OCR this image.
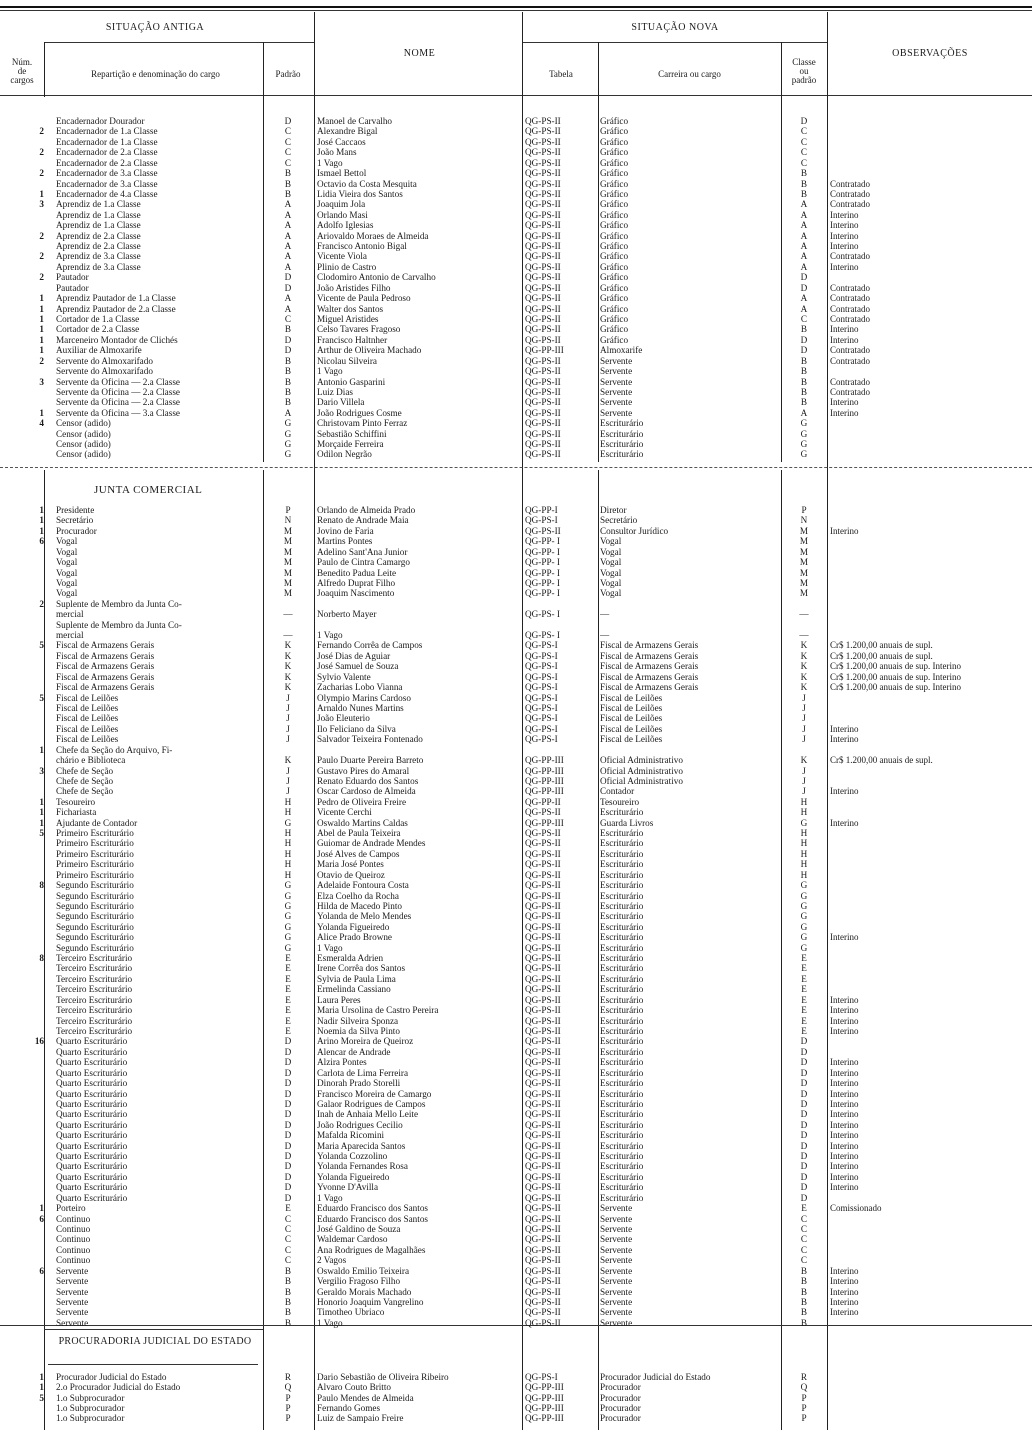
SITUAÇÃO ANTIGA	SITUAÇÃO NOVA
NOME	OBSERVAÇÕES
Núm.
de
cargos
Repartição e denominação do cargo	Padrão	Tabela	Carreira ou cargo
Classe
ou
padrão
JUNTA COMERCIAL
PROCURADORIA JUDICIAL DO ESTADO
Encadernador Dourador	D	Manoel de Carvalho	QG-PS-II	Gráfico	D
2 Encadernador de 1.a Classe	C	Alexandre Bigal	QG-PS-II	Gráfico	C
Encadernador de 1.a Classe	C	José Caccaos	QG-PS-II	Gráfico	C
2 Encadernador de 2.a Classe	C	João Mans	QG-PS-II	Gráfico	C
Encadernador de 2.a Classe	C	1 Vago	QG-PS-II	Gráfico	C
2 Encadernador de 3.a Classe	B	Ismael Bettol	QG-PS-II	Gráfico	B
Encadernador de 3.a Classe	B	Octavio da Costa Mesquita	QG-PS-II	Gráfico	B	Contratado
1 Encadernador de 4.a Classe	B	Lidia Vieira dos Santos	QG-PS-II	Gráfico	B	Contratado
3 Aprendiz de 1.a Classe	A	Joaquim Jola	QG-PS-II	Gráfico	A	Contratado
Aprendiz de 1.a Classe	A	Orlando Masi	QG-PS-II	Gráfico	A	Interino
Aprendiz de 1.a Classe	A	Adolfo Iglesias	QG-PS-II	Gráfico	A	Interino
2 Aprendiz de 2.a Classe	A	Ariovaldo Moraes de Almeida	QG-PS-II	Gráfico	A	Interino
Aprendiz de 2.a Classe	A	Francisco Antonio Bigal	QG-PS-II	Gráfico	A	Interino
2 Aprendiz de 3.a Classe	A	Vicente Viola	QG-PS-II	Gráfico	A	Contratado
Aprendiz de 3.a Classe	A	Plinio de Castro	QG-PS-II	Gráfico	A	Interino
2 Pautador	D	Clodomiro Antonio de Carvalho	QG-PS-II	Gráfico	D
Pautador	D	João Aristides Filho	QG-PS-II	Gráfico	D	Contratado
1 Aprendiz Pautador de 1.a Classe	A	Vicente de Paula Pedroso	QG-PS-II	Gráfico	A	Contratado
1 Aprendiz Pautador de 2.a Classe	A	Walter dos Santos	QG-PS-II	Gráfico	A	Contratado
1 Cortador de 1.a Classe	C	Miguel Aristides	QG-PS-II	Gráfico	C	Contratado
1 Cortador de 2.a Classe	B	Celso Tavares Fragoso	QG-PS-II	Gráfico	B	Interino
1 Marceneiro Montador de Clichés	D	Francisco Haltnher	QG-PS-II	Gráfico	D	Interino
1 Auxiliar de Almoxarife	D	Arthur de Oliveira Machado	QG-PP-III	Almoxarife	D	Contratado
2 Servente do Almoxarifado	B	Nicolau Silveira	QG-PS-II	Servente	B	Contratado
Servente do Almoxarifado	B	1 Vago	QG-PS-II	Servente	B
3 Servente da Oficina — 2.a Classe	B	Antonio Gasparini	QG-PS-II	Servente	B	Contratado
Servente da Oficina — 2.a Classe	B	Luiz Dias	QG-PS-II	Servente	B	Contratado
Servente da Oficina — 2.a Classe	B	Dario Villela	QG-PS-II	Servente	B	Interino
1 Servente da Oficina — 3.a Classe	A	João Rodrigues Cosme	QG-PS-II	Servente	A	Interino
4 Censor (adido)	G	Christovam Pinto Ferraz	QG-PS-II	Escriturário	G
Censor (adido)	G	Sebastião Schiffini	QG-PS-II	Escriturário	G
Censor (adido)	G	Morçaide Ferreira	QG-PS-II	Escriturário	G
Censor (adido)	G	Odilon Negrão	QG-PS-II	Escriturário	G
1 Presidente	P	Orlando de Almeida Prado	QG-PP-I	Diretor	P
1 Secretário	N	Renato de Andrade Maia	QG-PS-I	Secretário	N
1 Procurador	M	Jovino de Faria	QG-PS-II	Consultor Jurídico	M	Interino
6 Vogal	M	Martins Pontes	QG-PP- I	Vogal	M
Vogal	M	Adelino Sant'Ana Junior	QG-PP- I	Vogal	M
Vogal	M	Paulo de Cintra Camargo	QG-PP- I	Vogal	M
Vogal	M	Benedito Padua Leite	QG-PP- I	Vogal	M
Vogal	M	Alfredo Duprat Filho	QG-PP- I	Vogal	M
Vogal	M	Joaquim Nascimento	QG-PP- I	Vogal	M
2 Suplente de Membro da Junta Co-
mercial	—	Norberto Mayer	QG-PS- I	—	—
Suplente de Membro da Junta Co-
mercial	—	1 Vago	QG-PS- I	—	—
5 Fiscal de Armazens Gerais	K	Fernando Corrêa de Campos	QG-PS-I	Fiscal de Armazens Gerais	K	Cr$ 1.200,00 anuais de supl.
Fiscal de Armazens Gerais	K	José Dias de Aguiar	QG-PS-I	Fiscal de Armazens Gerais	K	Cr$ 1.200,00 anuais de supl.
Fiscal de Armazens Gerais	K	José Samuel de Souza	QG-PS-I	Fiscal de Armazens Gerais	K	Cr$ 1.200,00 anuais de sup. Interino
Fiscal de Armazens Gerais	K	Sylvio Valente	QG-PS-I	Fiscal de Armazens Gerais	K	Cr$ 1.200,00 anuais de sup. Interino
Fiscal de Armazens Gerais	K	Zacharias Lobo Vianna	QG-PS-I	Fiscal de Armazens Gerais	K	Cr$ 1.200,00 anuais de sup. Interino
5 Fiscal de Leilões	J	Olympio Marins Cardoso	QG-PS-I	Fiscal de Leilões	J
Fiscal de Leilões	J	Arnaldo Nunes Martins	QG-PS-I	Fiscal de Leilões	J
Fiscal de Leilões	J	João Eleuterio	QG-PS-I	Fiscal de Leilões	J
Fiscal de Leilões	J	Ilo Feliciano da Silva	QG-PS-I	Fiscal de Leilões	J	Interino
Fiscal de Leilões	J	Salvador Teixeira Fontenado	QG-PS-I	Fiscal de Leilões	J	Interino
1 Chefe da Seção do Arquivo, Fi-
chário e Biblioteca	K	Paulo Duarte Pereira Barreto	QG-PP-III	Oficial Administrativo	K	Cr$ 1.200,00 anuais de supl.
3 Chefe de Seção	J	Gustavo Pires do Amaral	QG-PP-III	Oficial Administrativo	J
Chefe de Seção	J	Renato Eduardo dos Santos	QG-PP-III	Oficial Administrativo	J
Chefe de Seção	J	Oscar Cardoso de Almeida	QG-PP-III	Contador	J	Interino
1 Tesoureiro	H	Pedro de Oliveira Freire	QG-PP-II	Tesoureiro	H
1 Fichariasta	H	Vicente Cerchi	QG-PS-II	Escriturário	H
1 Ajudante de Contador	G	Oswaldo Martins Caldas	QG-PP-III	Guarda Livros	G	Interino
5 Primeiro Escriturário	H	Abel de Paula Teixeira	QG-PS-II	Escriturário	H
Primeiro Escriturário	H	Guiomar de Andrade Mendes	QG-PS-II	Escriturário	H
Primeiro Escriturário	H	José Alves de Campos	QG-PS-II	Escriturário	H
Primeiro Escriturário	H	Maria José Pontes	QG-PS-II	Escriturário	H
Primeiro Escriturário	H	Otavio de Queiroz	QG-PS-II	Escriturário	H
8 Segundo Escriturário	G	Adelaide Fontoura Costa	QG-PS-II	Escriturário	G
Segundo Escriturário	G	Elza Coelho da Rocha	QG-PS-II	Escriturário	G
Segundo Escriturário	G	Hilda de Macedo Pinto	QG-PS-II	Escriturário	G
Segundo Escriturário	G	Yolanda de Melo Mendes	QG-PS-II	Escriturário	G
Segundo Escriturário	G	Yolanda Figueiredo	QG-PS-II	Escriturário	G
Segundo Escriturário	G	Alice Prado Browne	QG-PS-II	Escriturário	G	Interino
Segundo Escriturário	G	1 Vago	QG-PS-II	Escriturário	G
8 Terceiro Escriturário	E	Esmeralda Adrien	QG-PS-II	Escriturário	E
Terceiro Escriturário	E	Irene Corrêa dos Santos	QG-PS-II	Escriturário	E
Terceiro Escriturário	E	Sylvia de Paula Lima	QG-PS-II	Escriturário	E
Terceiro Escriturário	E	Ermelinda Cassiano	QG-PS-II	Escriturário	E
Terceiro Escriturário	E	Laura Peres	QG-PS-II	Escriturário	E	Interino
Terceiro Escriturário	E	Maria Ursolina de Castro Pereira	QG-PS-II	Escriturário	E	Interino
Terceiro Escriturário	E	Nadir Silveira Sponza	QG-PS-II	Escriturário	E	Interino
Terceiro Escriturário	E	Noemia da Silva Pinto	QG-PS-II	Escriturário	E	Interino
16 Quarto Escriturário	D	Arino Moreira de Queiroz	QG-PS-II	Escriturário	D
Quarto Escriturário	D	Alencar de Andrade	QG-PS-II	Escriturário	D
Quarto Escriturário	D	Alzira Pontes	QG-PS-II	Escriturário	D	Interino
Quarto Escriturário	D	Carlota de Lima Ferreira	QG-PS-II	Escriturário	D	Interino
Quarto Escriturário	D	Dinorah Prado Storelli	QG-PS-II	Escriturário	D	Interino
Quarto Escriturário	D	Francisco Moreira de Camargo	QG-PS-II	Escriturário	D	Interino
Quarto Escriturário	D	Galaor Rodrigues de Campos	QG-PS-II	Escriturário	D	Interino
Quarto Escriturário	D	Inah de Anhaia Mello Leite	QG-PS-II	Escriturário	D	Interino
Quarto Escriturário	D	João Rodrigues Cecilio	QG-PS-II	Escriturário	D	Interino
Quarto Escriturário	D	Mafalda Ricomini	QG-PS-II	Escriturário	D	Interino
Quarto Escriturário	D	Maria Aparecida Santos	QG-PS-II	Escriturário	D	Interino
Quarto Escriturário	D	Yolanda Cozzolino	QG-PS-II	Escriturário	D	Interino
Quarto Escriturário	D	Yolanda Fernandes Rosa	QG-PS-II	Escriturário	D	Interino
Quarto Escriturário	D	Yolanda Figueiredo	QG-PS-II	Escriturário	D	Interino
Quarto Escriturário	D	Yvonne D'Avilla	QG-PS-II	Escriturário	D	Interino
Quarto Escriturário	D	1 Vago	QG-PS-II	Escriturário	D
1 Porteiro	E	Eduardo Francisco dos Santos	QG-PS-II	Servente	E	Comissionado
6 Continuo	C	Eduardo Francisco dos Santos	QG-PS-II	Servente	C
Continuo	C	José Galdino de Souza	QG-PS-II	Servente	C
Continuo	C	Waldemar Cardoso	QG-PS-II	Servente	C
Continuo	C	Ana Rodrigues de Magalhães	QG-PS-II	Servente	C
Continuo	C	2 Vagos	QG-PS-II	Servente	C
6 Servente	B	Oswaldo Emilio Teixeira	QG-PS-II	Servente	B	Interino
Servente	B	Vergilio Fragoso Filho	QG-PS-II	Servente	B	Interino
Servente	B	Geraldo Morais Machado	QG-PS-II	Servente	B	Interino
Servente	B	Honorio Joaquim Vangrelino	QG-PS-II	Servente	B	Interino
Servente	B	Timotheo Ubriaco	QG-PS-II	Servente	B	Interino
Servente	B	1 Vago	QG-PS-II	Servente	B
1 Procurador Judicial do Estado	R	Dario Sebastião de Oliveira Ribeiro	QG-PS-I	Procurador Judicial do Estado	R
1 2.o Procurador Judicial do Estado	Q	Alvaro Couto Britto	QG-PP-III	Procurador	Q
5 1.o Subprocurador	P	Paulo Mendes de Almeida	QG-PP-III	Procurador	P
1.o Subprocurador	P	Fernando Gomes	QG-PP-III	Procurador	P
1.o Subprocurador	P	Luiz de Sampaio Freire	QG-PP-III	Procurador	P
